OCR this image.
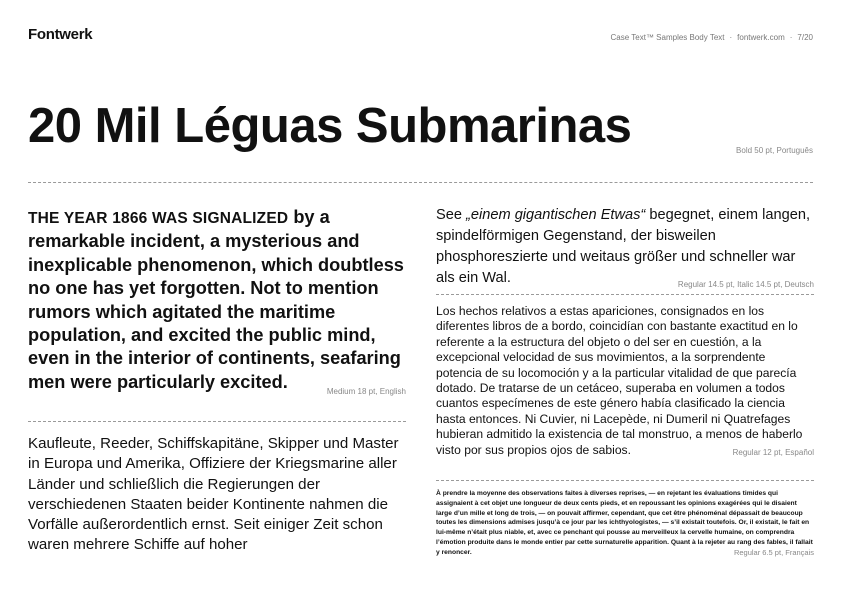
Fontwerk	Case Text™ Samples Body Text · fontwerk.com · 7/20
20 Mil Léguas Submarinas	Bold 50 pt, Português
THE YEAR 1866 WAS SIGNALIZED by a remarkable incident, a mysterious and inexplicable phenomenon, which doubtless no one has yet forgotten. Not to mention rumors which agitated the maritime population, and excited the public mind, even in the interior of continents, seafaring men were particularly excited.	Medium 18 pt, English
Kaufleute, Reeder, Schiffskapitäne, Skipper und Master in Europa und Amerika, Offiziere der Kriegsmarine aller Länder und schließlich die Regierungen der verschiedenen Staaten beider Kontinente nahmen die Vorfälle außerordentlich ernst. Seit einiger Zeit schon waren mehrere Schiffe auf hoher
See „einem gigantischen Etwas“ begegnet, einem langen, spindelförmigen Gegenstand, der bisweilen phosphoreszierte und weitaus größer und schneller war als ein Wal.	Regular 14.5 pt, Italic 14.5 pt, Deutsch
Los hechos relativos a estas apariciones, consignados en los diferentes libros de a bordo, coincidían con bastante exactitud en lo referente a la estructura del objeto o del ser en cuestión, a la excepcional velocidad de sus movimientos, a la sorprendente potencia de su locomoción y a la particular vitalidad de que parecía dotado. De tratarse de un cetáceo, superaba en volumen a todos cuantos especímenes de este género había clasificado la ciencia hasta entonces. Ni Cuvier, ni Lacepède, ni Dumeril ni Quatrefages hubieran admitido la existencia de tal monstruo, a menos de haberlo visto por sus propios ojos de sabios.	Regular 12 pt, Español
À prendre la moyenne des observations faites à diverses reprises, — en rejetant les évaluations timides qui assignaient à cet objet une longueur de deux cents pieds, et en repoussant les opinions exagérées qui le disaient large d’un mille et long de trois, — on pouvait affirmer, cependant, que cet être phénoménal dépassait de beaucoup toutes les dimensions admises jusqu’à ce jour par les ichthyologistes, — s’il existait toutefois. Or, il existait, le fait en lui-même n’était plus niable, et, avec ce penchant qui pousse au merveilleux la cervelle humaine, on comprendra l’émotion produite dans le monde entier par cette surnaturelle apparition. Quant à la rejeter au rang des fables, il fallait y renoncer.	Regular 6.5 pt, Français
